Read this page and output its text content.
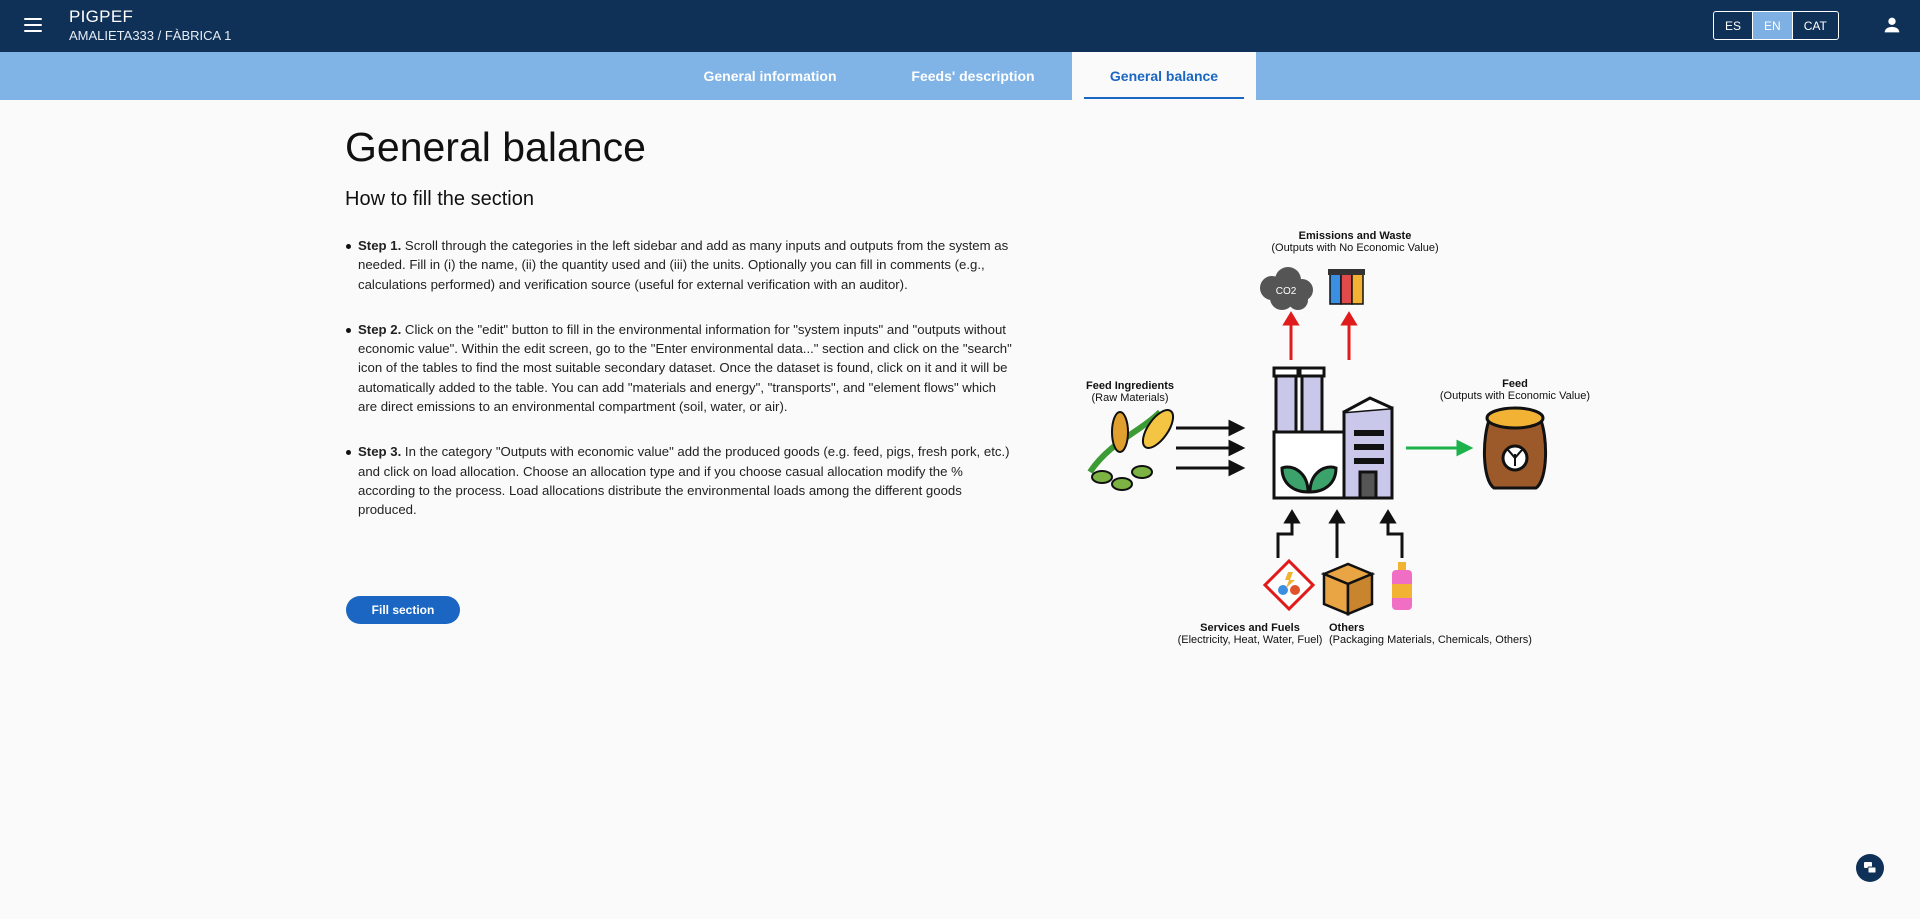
PIGPEF
AMALIETA333 / FÀBRICA 1
ES	EN	CAT
General information	Feeds' description	General balance
General balance
How to fill the section
Step 1. Scroll through the categories in the left sidebar and add as many inputs and outputs from the system as needed. Fill in (i) the name, (ii) the quantity used and (iii) the units. Optionally you can fill in comments (e.g., calculations performed) and verification source (useful for external verification with an auditor).
Step 2. Click on the "edit" button to fill in the environmental information for "system inputs" and "outputs without economic value". Within the edit screen, go to the "Enter environmental data..." section and click on the "search" icon of the tables to find the most suitable secondary dataset. Once the dataset is found, click on it and it will be automatically added to the table. You can add "materials and energy", "transports", and "element flows" which are direct emissions to an environmental compartment (soil, water, or air).
Step 3. In the category "Outputs with economic value" add the produced goods (e.g. feed, pigs, fresh pork, etc.) and click on load allocation. Choose an allocation type and if you choose casual allocation modify the % according to the process. Load allocations distribute the environmental loads among the different goods produced.
Fill section
CO2
Emissions and Waste
(Outputs with No Economic Value)
Feed Ingredients
(Raw Materials)
Feed
(Outputs with Economic Value)
Services and Fuels
(Electricity, Heat, Water, Fuel)
Others
(Packaging Materials, Chemicals, Others)
